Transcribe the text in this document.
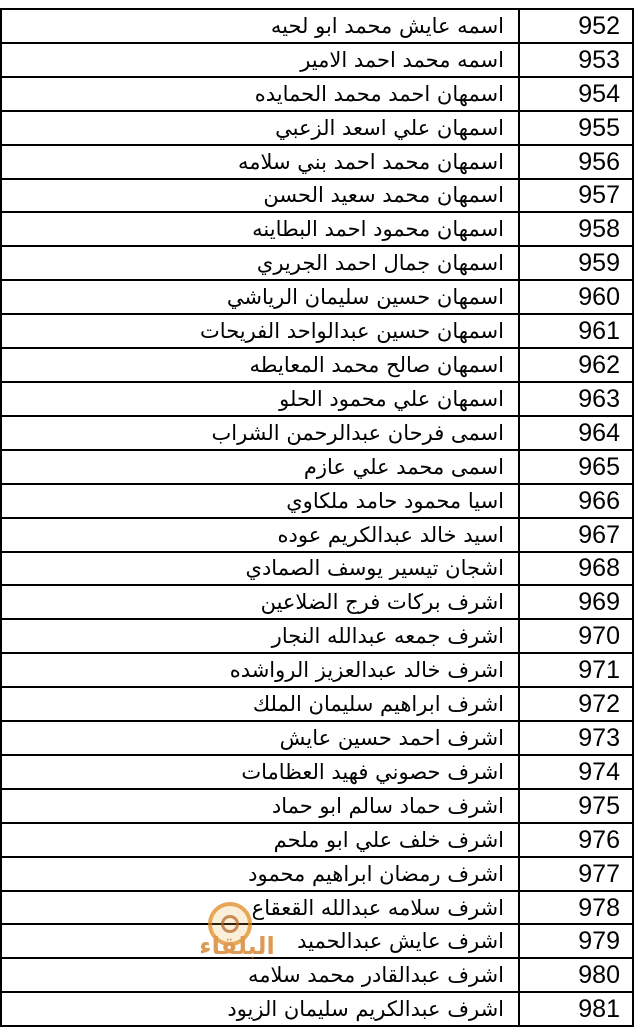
اسمه عايش محمد ابو لحيه	952
اسمه محمد احمد الامير	953
اسمهان احمد محمد الحمايده	954
اسمهان علي اسعد الزعبي	955
اسمهان محمد احمد بني سلامه	956
اسمهان محمد سعيد الحسن	957
اسمهان محمود احمد البطاينه	958
اسمهان جمال احمد الجريري	959
اسمهان حسين سليمان الرياشي	960
اسمهان حسين عبدالواحد الفريحات	961
اسمهان صالح محمد المعايطه	962
اسمهان علي محمود الحلو	963
اسمى فرحان عبدالرحمن الشراب	964
اسمى محمد علي عازم	965
اسيا محمود حامد ملكاوي	966
اسيد خالد عبدالكريم عوده	967
اشجان تيسير يوسف الصمادي	968
اشرف بركات فرج الضلاعين	969
اشرف جمعه عبدالله النجار	970
اشرف خالد عبدالعزيز الرواشده	971
اشرف ابراهيم سليمان الملك	972
اشرف احمد حسين عايش	973
اشرف حصوني فهيد العظامات	974
اشرف حماد سالم ابو حماد	975
اشرف خلف علي ابو ملحم	976
اشرف رمضان ابراهيم محمود	977
اشرف سلامه عبدالله القعقاع	978
اشرف عايش عبدالحميد	979
اشرف عبدالقادر محمد سلامه	980
اشرف عبدالكريم سليمان الزيود	981
البلقاء
